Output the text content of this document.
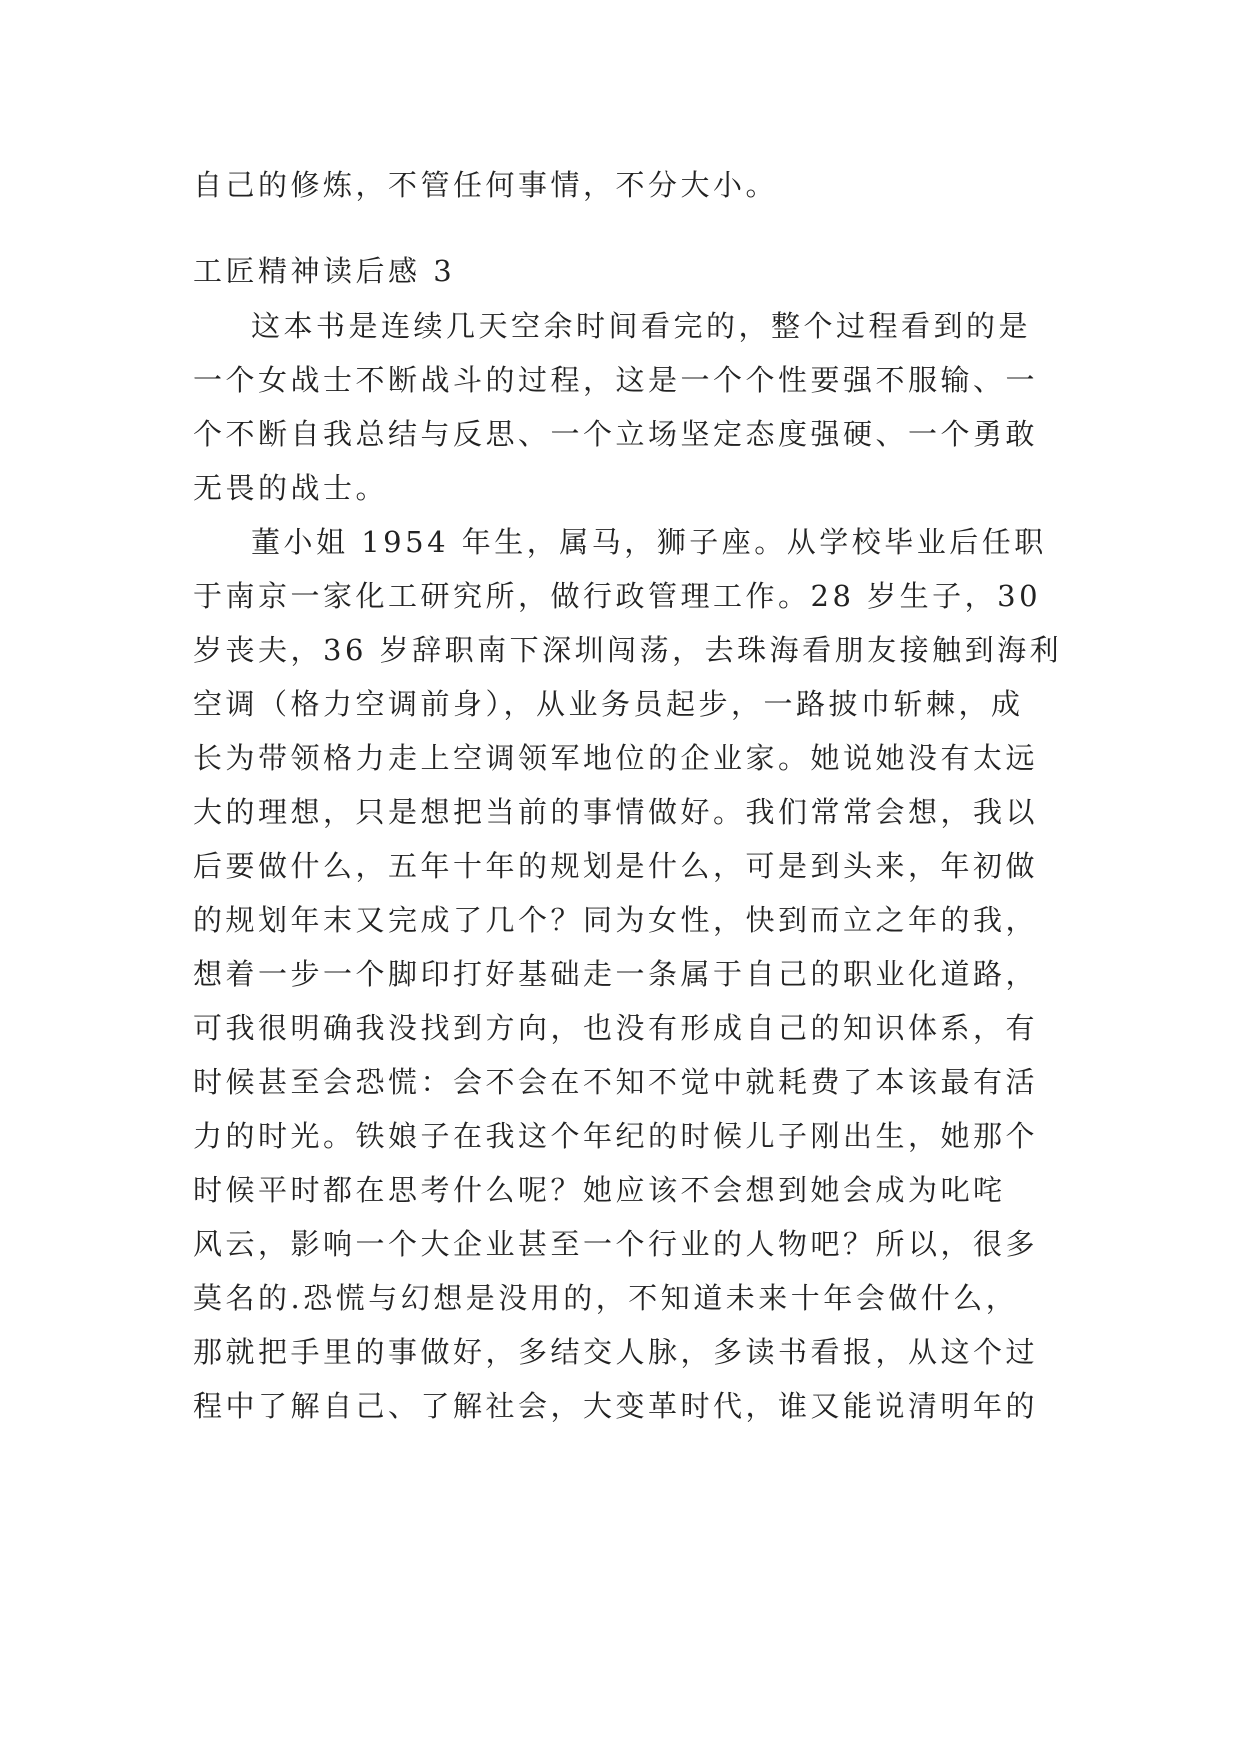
自己的修炼，不管任何事情，不分大小。
工匠精神读后感 3
这本书是连续几天空余时间看完的，整个过程看到的是
一个女战士不断战斗的过程，这是一个个性要强不服输、一
个不断自我总结与反思、一个立场坚定态度强硬、一个勇敢
无畏的战士。
董小姐 1954 年生，属马，狮子座。从学校毕业后任职
于南京一家化工研究所，做行政管理工作。28 岁生子，30
岁丧夫，36 岁辞职南下深圳闯荡，去珠海看朋友接触到海利
空调（格力空调前身），从业务员起步，一路披巾斩棘，成
长为带领格力走上空调领军地位的企业家。她说她没有太远
大的理想，只是想把当前的事情做好。我们常常会想，我以
后要做什么，五年十年的规划是什么，可是到头来，年初做
的规划年末又完成了几个？同为女性，快到而立之年的我，
想着一步一个脚印打好基础走一条属于自己的职业化道路，
可我很明确我没找到方向，也没有形成自己的知识体系，有
时候甚至会恐慌：会不会在不知不觉中就耗费了本该最有活
力的时光。铁娘子在我这个年纪的时候儿子刚出生，她那个
时候平时都在思考什么呢？她应该不会想到她会成为叱咤
风云，影响一个大企业甚至一个行业的人物吧？所以，很多
莫名的.恐慌与幻想是没用的，不知道未来十年会做什么，
那就把手里的事做好，多结交人脉，多读书看报，从这个过
程中了解自己、了解社会，大变革时代，谁又能说清明年的
